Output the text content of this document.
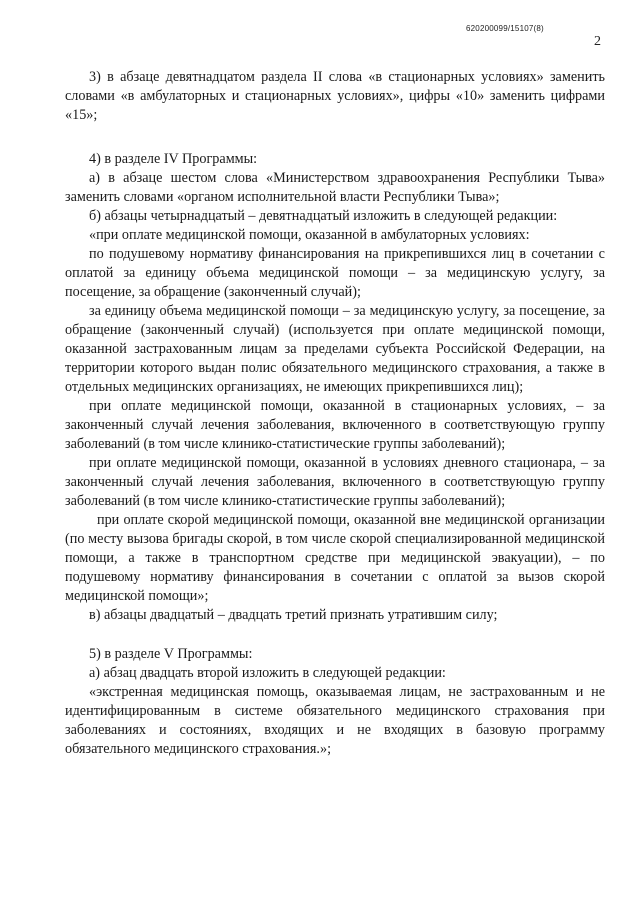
620200099/15107(8)
2

3) в абзаце девятнадцатом раздела II слова «в стационарных условиях» заменить словами «в амбулаторных и стационарных условиях», цифры «10» заменить цифрами «15»;

4) в разделе IV Программы:

а) в абзаце шестом слова «Министерством здравоохранения Республики Тыва» заменить словами «органом исполнительной власти Республики Тыва»;

б) абзацы четырнадцатый – девятнадцатый изложить в следующей редакции:

«при оплате медицинской помощи, оказанной в амбулаторных условиях:

по подушевому нормативу финансирования на прикрепившихся лиц в сочетании с оплатой за единицу объема медицинской помощи – за медицинскую услугу, за посещение, за обращение (законченный случай);

за единицу объема медицинской помощи – за медицинскую услугу, за посещение, за обращение (законченный случай) (используется при оплате медицинской помощи, оказанной застрахованным лицам за пределами субъекта Российской Федерации, на территории которого выдан полис обязательного медицинского страхования, а также в отдельных медицинских организациях, не имеющих прикрепившихся лиц);

при оплате медицинской помощи, оказанной в стационарных условиях, – за законченный случай лечения заболевания, включенного в соответствующую группу заболеваний (в том числе клинико-статистические группы заболеваний);

при оплате медицинской помощи, оказанной в условиях дневного стационара, – за законченный случай лечения заболевания, включенного в соответствующую группу заболеваний (в том числе клинико-статистические группы заболеваний);

при оплате скорой медицинской помощи, оказанной вне медицинской организации (по месту вызова бригады скорой, в том числе скорой специализированной медицинской помощи, а также в транспортном средстве при медицинской эвакуации), – по подушевому нормативу финансирования в сочетании с оплатой за вызов скорой медицинской помощи»;

в) абзацы двадцатый – двадцать третий признать утратившим силу;

5) в разделе V Программы:

а) абзац двадцать второй изложить в следующей редакции:

«экстренная медицинская помощь, оказываемая лицам, не застрахованным и не идентифицированным в системе обязательного медицинского страхования при заболеваниях и состояниях, входящих и не входящих в базовую программу обязательного медицинского страхования.»;
